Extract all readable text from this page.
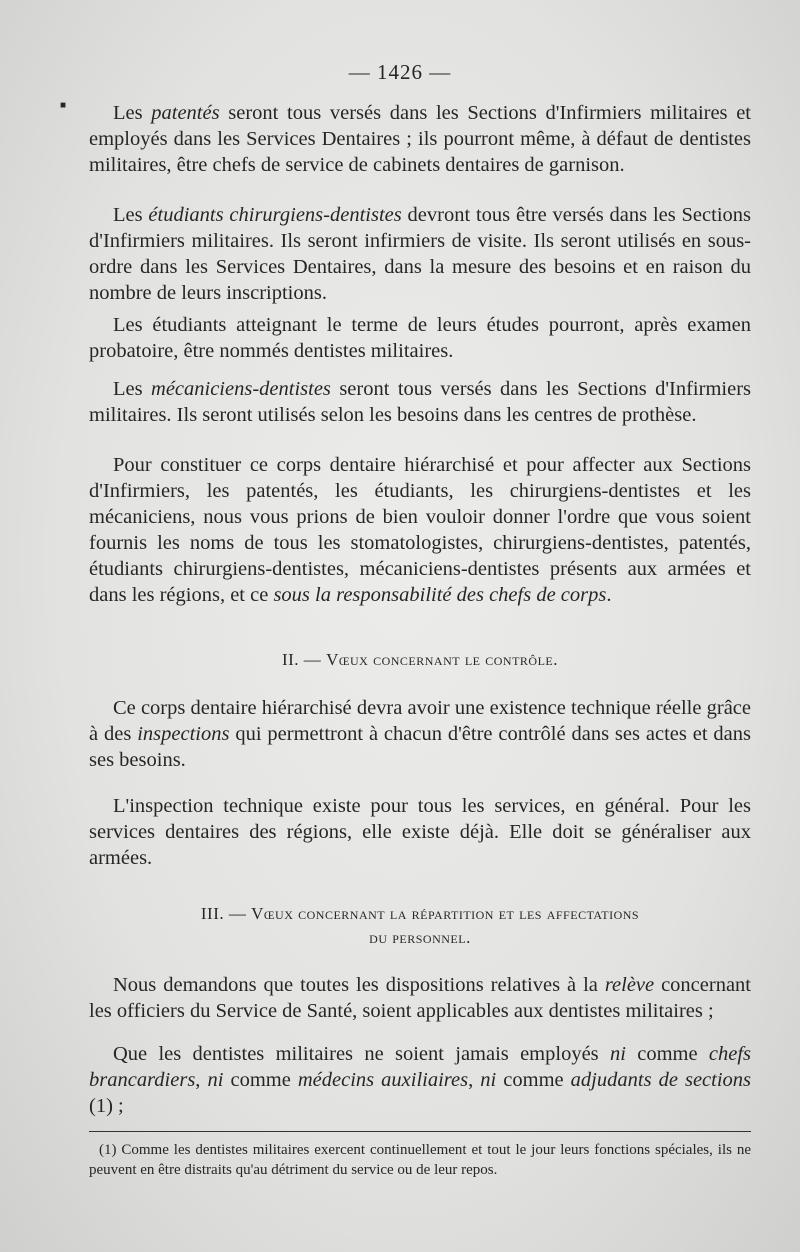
■
— 1426 —

Les patentés seront tous versés dans les Sections d'Infirmiers militaires et employés dans les Services Dentaires ; ils pourront même, à défaut de dentistes militaires, être chefs de service de cabinets dentaires de garnison.

Les étudiants chirurgiens-dentistes devront tous être versés dans les Sections d'Infirmiers militaires. Ils seront infirmiers de visite. Ils seront utilisés en sous-ordre dans les Services Dentaires, dans la mesure des besoins et en raison du nombre de leurs inscriptions.

Les étudiants atteignant le terme de leurs études pourront, après examen probatoire, être nommés dentistes militaires.

Les mécaniciens-dentistes seront tous versés dans les Sections d'Infirmiers militaires. Ils seront utilisés selon les besoins dans les centres de prothèse.

Pour constituer ce corps dentaire hiérarchisé et pour affecter aux Sections d'Infirmiers, les patentés, les étudiants, les chirurgiens-dentistes et les mécaniciens, nous vous prions de bien vouloir donner l'ordre que vous soient fournis les noms de tous les stomatologistes, chirurgiens-dentistes, patentés, étudiants chirurgiens-dentistes, mécaniciens-dentistes présents aux armées et dans les régions, et ce sous la responsabilité des chefs de corps.

II. — Vœux concernant le contrôle.

Ce corps dentaire hiérarchisé devra avoir une existence technique réelle grâce à des inspections qui permettront à chacun d'être contrôlé dans ses actes et dans ses besoins.

L'inspection technique existe pour tous les services, en général. Pour les services dentaires des régions, elle existe déjà. Elle doit se généraliser aux armées.

III. — Vœux concernant la répartition et les affectations
du personnel.

Nous demandons que toutes les dispositions relatives à la relève concernant les officiers du Service de Santé, soient applicables aux dentistes militaires ;

Que les dentistes militaires ne soient jamais employés ni comme chefs brancardiers, ni comme médecins auxiliaires, ni comme adjudants de sections (1) ;

(1) Comme les dentistes militaires exercent continuellement et tout le jour leurs fonctions spéciales, ils ne peuvent en être distraits qu'au détriment du service ou de leur repos.
